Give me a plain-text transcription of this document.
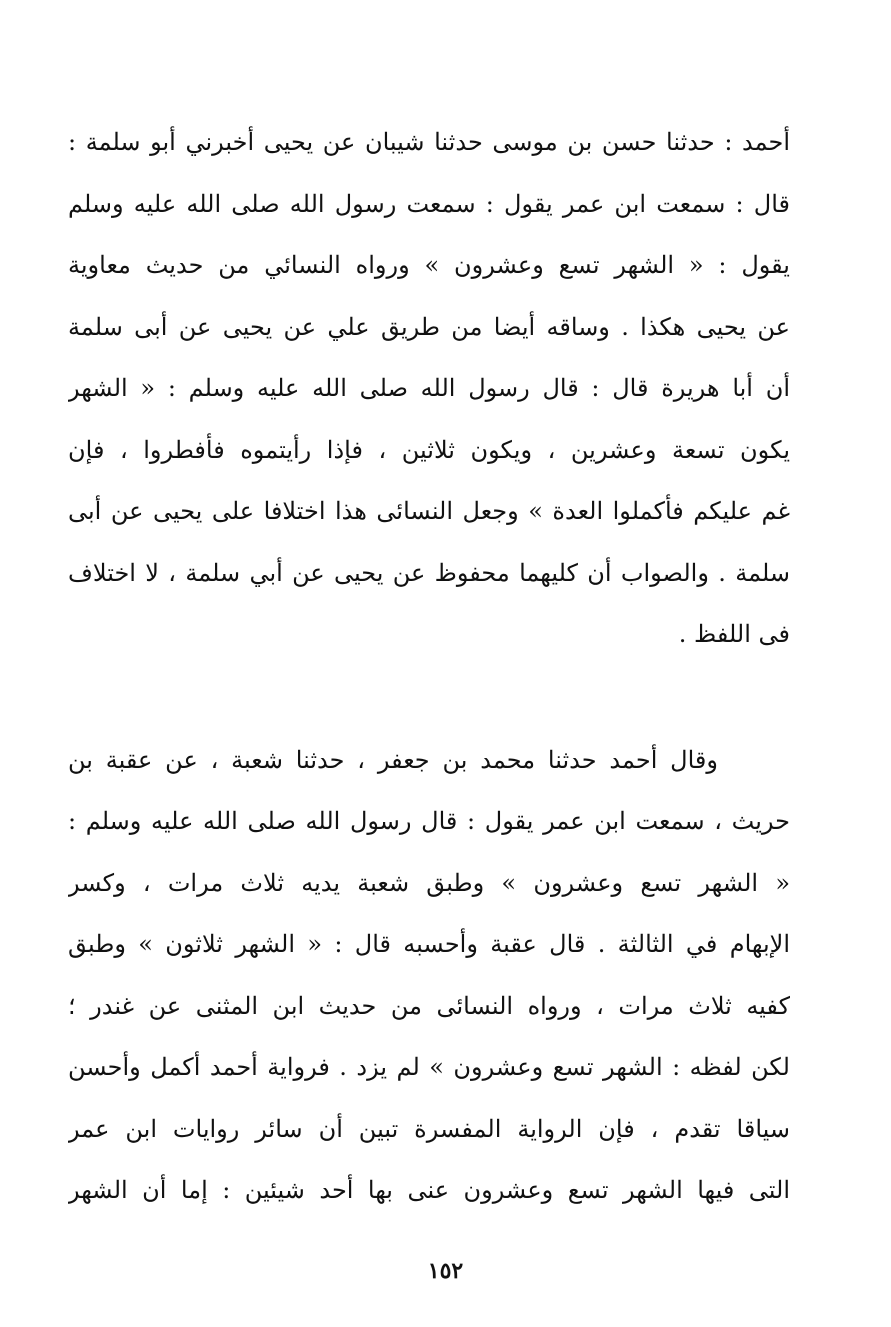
أحمد : حدثنا حسن بن موسى حدثنا شيبان عن يحيى أخبرني أبو سلمة :
قال : سمعت ابن عمر يقول : سمعت رسول الله صلى الله عليه وسلم
يقول : « الشهر تسع وعشرون » ورواه النسائي من حديث معاوية
عن يحيى هكذا . وساقه أيضا من طريق علي عن يحيى عن أبى سلمة
أن أبا هريرة قال : قال رسول الله صلى الله عليه وسلم : « الشهر
يكون تسعة وعشرين ، ويكون ثلاثين ، فإذا رأيتموه فأفطروا ، فإن
غم عليكم فأكملوا العدة » وجعل النسائى هذا اختلافا على يحيى عن أبى
سلمة . والصواب أن كليهما محفوظ عن يحيى عن أبي سلمة ، لا اختلاف
فى اللفظ .
وقال أحمد حدثنا محمد بن جعفر ، حدثنا شعبة ، عن عقبة بن
حريث ، سمعت ابن عمر يقول : قال رسول الله صلى الله عليه وسلم :
« الشهر تسع وعشرون » وطبق شعبة يديه ثلاث مرات ، وكسر
الإبهام في الثالثة . قال عقبة وأحسبه قال : « الشهر ثلاثون » وطبق
كفيه ثلاث مرات ، ورواه النسائى من حديث ابن المثنى عن غندر ؛
لكن لفظه : الشهر تسع وعشرون » لم يزد . فرواية أحمد أكمل وأحسن
سياقا تقدم ، فإن الرواية المفسرة تبين أن سائر روايات ابن عمر
التى فيها الشهر تسع وعشرون عنى بها أحد شيئين : إما أن الشهر
١٥٢
